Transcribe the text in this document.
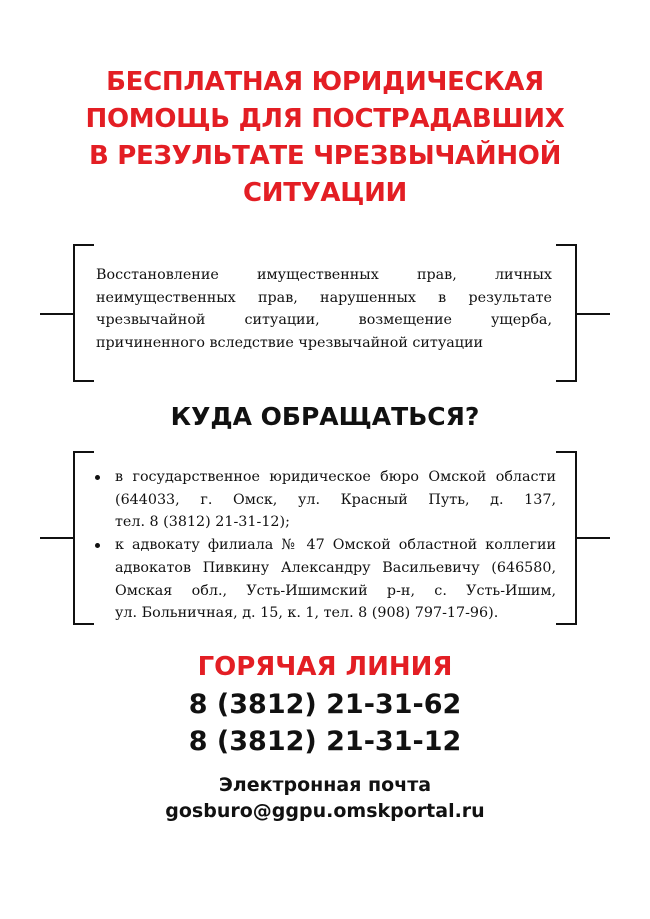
БЕСПЛАТНАЯ ЮРИДИЧЕСКАЯ
ПОМОЩЬ ДЛЯ ПОСТРАДАВШИХ
В РЕЗУЛЬТАТЕ ЧРЕЗВЫЧАЙНОЙ
СИТУАЦИИ
Восстановление имущественных прав, личных
неимущественных прав, нарушенных в результате
чрезвычайной ситуации, возмещение ущерба,
причиненного вследствие чрезвычайной ситуации
КУДА ОБРАЩАТЬСЯ?
в государственное юридическое бюро Омской области
(644033, г. Омск, ул. Красный Путь, д. 137,
тел. 8 (3812) 21-31-12);
к адвокату филиала № 47 Омской областной коллегии
адвокатов Пивкину Александру Васильевичу (646580,
Омская обл., Усть-Ишимский р-н, с. Усть-Ишим,
ул. Больничная, д. 15, к. 1, тел. 8 (908) 797-17-96).
ГОРЯЧАЯ ЛИНИЯ
8 (3812) 21-31-62
8 (3812) 21-31-12
Электронная почта
gosburo@ggpu.omskportal.ru
